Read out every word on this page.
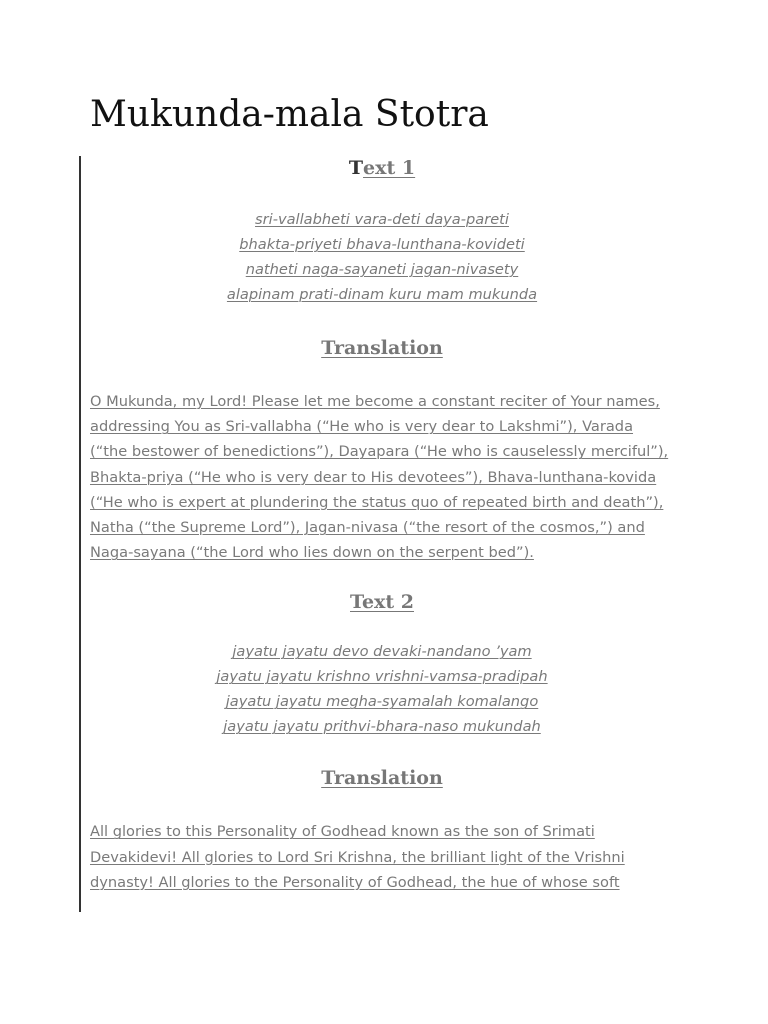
Mukunda-mala Stotra
Text 1
sri-vallabheti vara-deti daya-pareti
bhakta-priyeti bhava-lunthana-kovideti
natheti naga-sayaneti jagan-nivasety
alapinam prati-dinam kuru mam mukunda
Translation

O Mukunda, my Lord! Please let me become a constant reciter of Your names, addressing You as Sri-vallabha (“He who is very dear to Lakshmi”), Varada (“the bestower of benedictions”), Dayapara (“He who is causelessly merciful”), Bhakta-priya (“He who is very dear to His devotees”), Bhava-lunthana-kovida (“He who is expert at plundering the status quo of repeated birth and death”), Natha (“the Supreme Lord”), Jagan-nivasa (“the resort of the cosmos,”) and Naga-sayana (“the Lord who lies down on the serpent bed”).

Text 2
jayatu jayatu devo devaki-nandano ’yam
jayatu jayatu krishno vrishni-vamsa-pradipah
jayatu jayatu megha-syamalah komalango
jayatu jayatu prithvi-bhara-naso mukundah
Translation

All glories to this Personality of Godhead known as the son of Srimati Devakidevi! All glories to Lord Sri Krishna, the brilliant light of the Vrishni dynasty! All glories to the Personality of Godhead, the hue of whose soft
